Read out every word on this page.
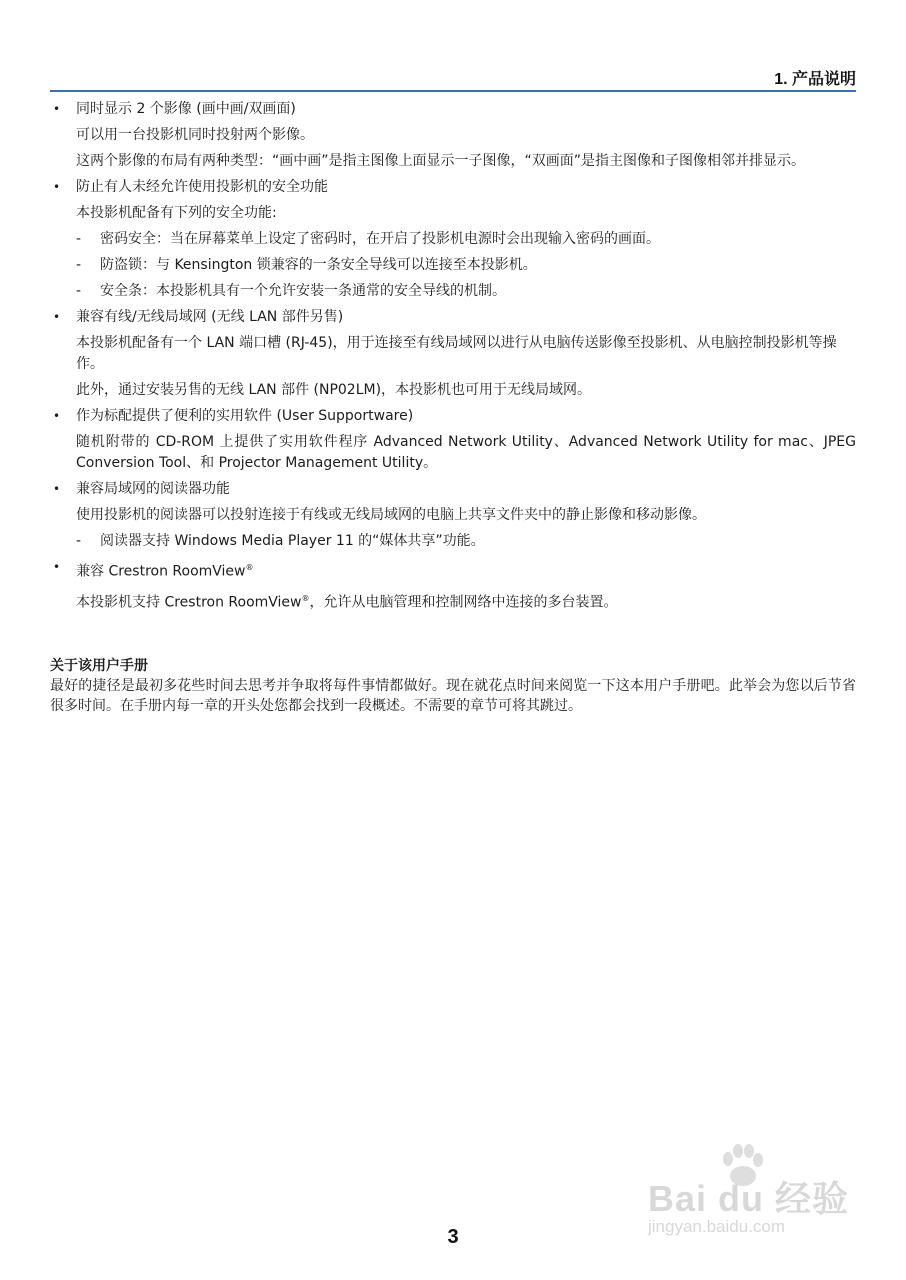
1. 产品说明
• 同时显示 2 个影像 (画中画/双画面)

可以用一台投影机同时投射两个影像。

这两个影像的布局有两种类型：“画中画”是指主图像上面显示一子图像，“双画面”是指主图像和子图像相邻并排显示。

• 防止有人未经允许使用投影机的安全功能

本投影机配备有下列的安全功能:

- 密码安全：当在屏幕菜单上设定了密码时，在开启了投影机电源时会出现输入密码的画面。

- 防盗锁：与 Kensington 锁兼容的一条安全导线可以连接至本投影机。

- 安全条：本投影机具有一个允许安装一条通常的安全导线的机制。

• 兼容有线/无线局域网 (无线 LAN 部件另售)

本投影机配备有一个 LAN 端口槽 (RJ-45)，用于连接至有线局域网以进行从电脑传送影像至投影机、从电脑控制投影机等操作。

此外，通过安装另售的无线 LAN 部件 (NP02LM)，本投影机也可用于无线局域网。

• 作为标配提供了便利的实用软件 (User Supportware)

随机附带的 CD-ROM 上提供了实用软件程序 Advanced Network Utility、Advanced Network Utility for mac、JPEG Conversion Tool、和 Projector Management Utility。

• 兼容局域网的阅读器功能

使用投影机的阅读器可以投射连接于有线或无线局域网的电脑上共享文件夹中的静止影像和移动影像。

- 阅读器支持 Windows Media Player 11 的“媒体共享”功能。

• 兼容 Crestron RoomView®

本投影机支持 Crestron RoomView®，允许从电脑管理和控制网络中连接的多台装置。

关于该用户手册

最好的捷径是最初多花些时间去思考并争取将每件事情都做好。现在就花点时间来阅览一下这本用户手册吧。此举会为您以后节省很多时间。在手册内每一章的开头处您都会找到一段概述。不需要的章节可将其跳过。

3
Bai du 经验
jingyan.baidu.com
